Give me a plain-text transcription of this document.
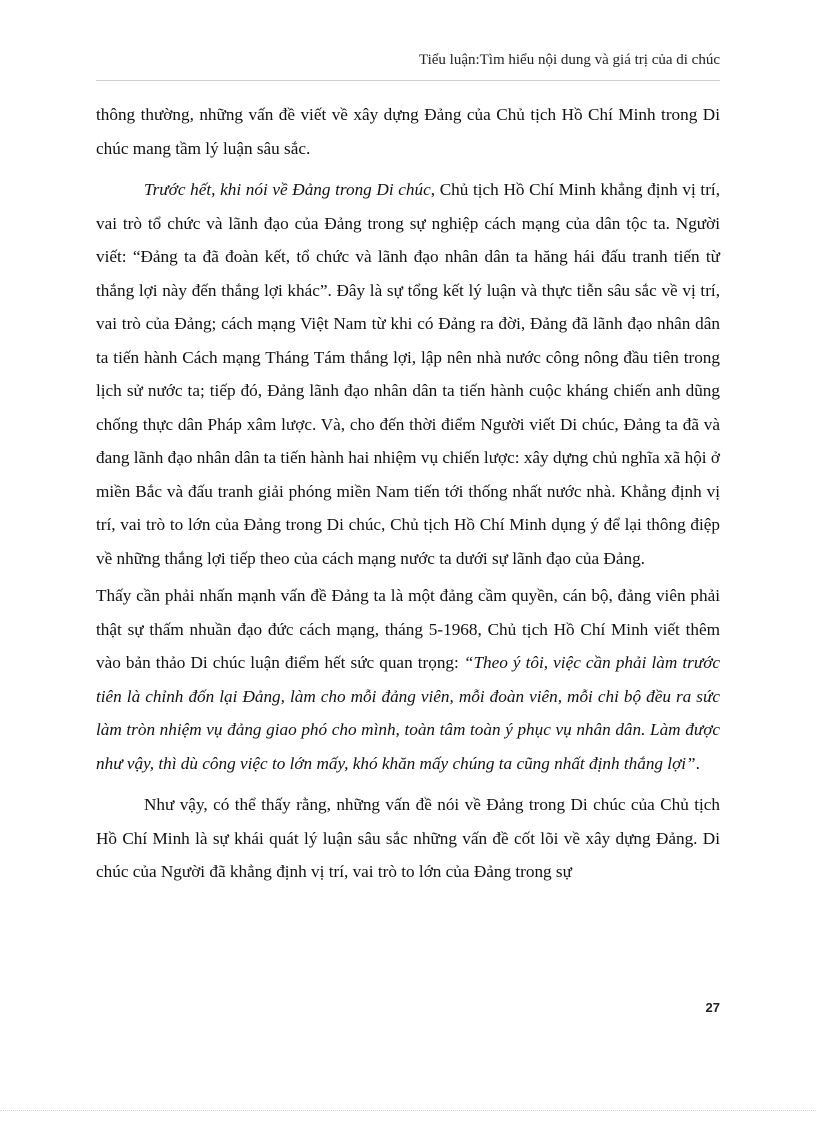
Tiểu luận:Tìm hiểu nội dung và giá trị của di chúc

thông thường, những vấn đề viết về xây dựng Đảng của Chủ tịch Hồ Chí Minh trong Di chúc mang tầm lý luận sâu sắc.

Trước hết, khi nói về Đảng trong Di chúc, Chủ tịch Hồ Chí Minh khẳng định vị trí, vai trò tổ chức và lãnh đạo của Đảng trong sự nghiệp cách mạng của dân tộc ta. Người viết: “Đảng ta đã đoàn kết, tổ chức và lãnh đạo nhân dân ta hăng hái đấu tranh tiến từ thắng lợi này đến thắng lợi khác”. Đây là sự tổng kết lý luận và thực tiễn sâu sắc về vị trí, vai trò của Đảng; cách mạng Việt Nam từ khi có Đảng ra đời, Đảng đã lãnh đạo nhân dân ta tiến hành Cách mạng Tháng Tám thắng lợi, lập nên nhà nước công nông đầu tiên trong lịch sử nước ta; tiếp đó, Đảng lãnh đạo nhân dân ta tiến hành cuộc kháng chiến anh dũng chống thực dân Pháp xâm lược. Và, cho đến thời điểm Người viết Di chúc, Đảng ta đã và đang lãnh đạo nhân dân ta tiến hành hai nhiệm vụ chiến lược: xây dựng chủ nghĩa xã hội ở miền Bắc và đấu tranh giải phóng miền Nam tiến tới thống nhất nước nhà. Khẳng định vị trí, vai trò to lớn của Đảng trong Di chúc, Chủ tịch Hồ Chí Minh dụng ý để lại thông điệp về những thắng lợi tiếp theo của cách mạng nước ta dưới sự lãnh đạo của Đảng.

Thấy cần phải nhấn mạnh vấn đề Đảng ta là một đảng cầm quyền, cán bộ, đảng viên phải thật sự thấm nhuần đạo đức cách mạng, tháng 5-1968, Chủ tịch Hồ Chí Minh viết thêm vào bản thảo Di chúc luận điểm hết sức quan trọng: “Theo ý tôi, việc cần phải làm trước tiên là chỉnh đốn lại Đảng, làm cho mỗi đảng viên, mỗi đoàn viên, mỗi chi bộ đều ra sức làm tròn nhiệm vụ đảng giao phó cho mình, toàn tâm toàn ý phục vụ nhân dân. Làm được như vậy, thì dù công việc to lớn mấy, khó khăn mấy chúng ta cũng nhất định thắng lợi”.

Như vậy, có thể thấy rằng, những vấn đề nói về Đảng trong Di chúc của Chủ tịch Hồ Chí Minh là sự khái quát lý luận sâu sắc những vấn đề cốt lõi về xây dựng Đảng. Di chúc của Người đã khẳng định vị trí, vai trò to lớn của Đảng trong sự

27
